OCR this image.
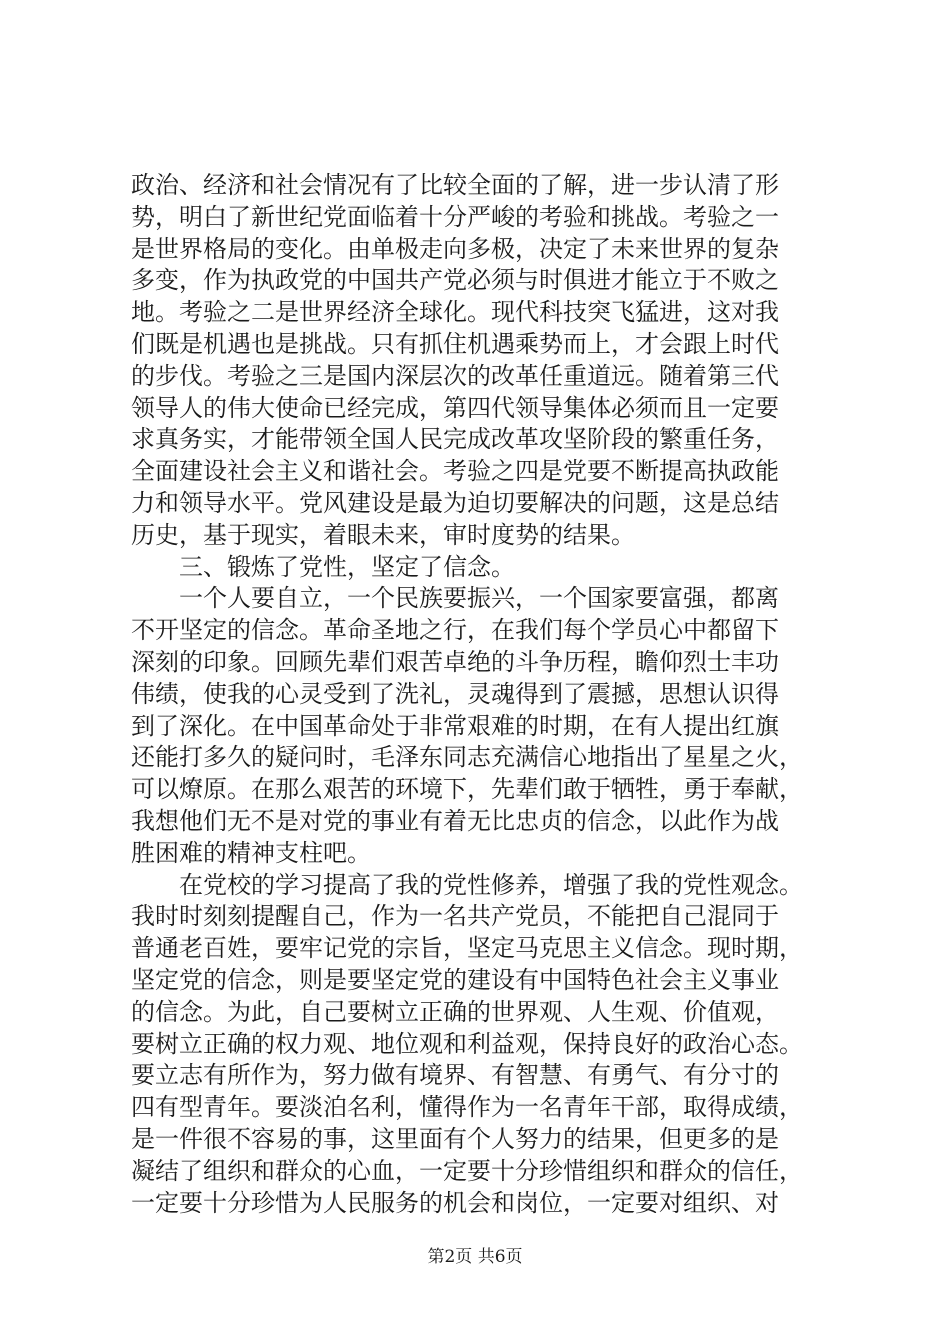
政治、经济和社会情况有了比较全面的了解，进一步认清了形
势，明白了新世纪党面临着十分严峻的考验和挑战。考验之一
是世界格局的变化。由单极走向多极，决定了未来世界的复杂
多变，作为执政党的中国共产党必须与时俱进才能立于不败之
地。考验之二是世界经济全球化。现代科技突飞猛进，这对我
们既是机遇也是挑战。只有抓住机遇乘势而上，才会跟上时代
的步伐。考验之三是国内深层次的改革任重道远。随着第三代
领导人的伟大使命已经完成，第四代领导集体必须而且一定要
求真务实，才能带领全国人民完成改革攻坚阶段的繁重任务，
全面建设社会主义和谐社会。考验之四是党要不断提高执政能
力和领导水平。党风建设是最为迫切要解决的问题，这是总结
历史，基于现实，着眼未来，审时度势的结果。
　　三、锻炼了党性，坚定了信念。
　　一个人要自立，一个民族要振兴，一个国家要富强，都离
不开坚定的信念。革命圣地之行，在我们每个学员心中都留下
深刻的印象。回顾先辈们艰苦卓绝的斗争历程，瞻仰烈士丰功
伟绩，使我的心灵受到了洗礼，灵魂得到了震撼，思想认识得
到了深化。在中国革命处于非常艰难的时期，在有人提出红旗
还能打多久的疑问时，毛泽东同志充满信心地指出了星星之火，
可以燎原。在那么艰苦的环境下，先辈们敢于牺牲，勇于奉献，
我想他们无不是对党的事业有着无比忠贞的信念，以此作为战
胜困难的精神支柱吧。
　　在党校的学习提高了我的党性修养，增强了我的党性观念。
我时时刻刻提醒自己，作为一名共产党员，不能把自己混同于
普通老百姓，要牢记党的宗旨，坚定马克思主义信念。现时期，
坚定党的信念，则是要坚定党的建设有中国特色社会主义事业
的信念。为此，自己要树立正确的世界观、人生观、价值观，
要树立正确的权力观、地位观和利益观，保持良好的政治心态。
要立志有所作为，努力做有境界、有智慧、有勇气、有分寸的
四有型青年。要淡泊名利，懂得作为一名青年干部，取得成绩，
是一件很不容易的事，这里面有个人努力的结果，但更多的是
凝结了组织和群众的心血，一定要十分珍惜组织和群众的信任，
一定要十分珍惜为人民服务的机会和岗位，一定要对组织、对
第2页 共6页
